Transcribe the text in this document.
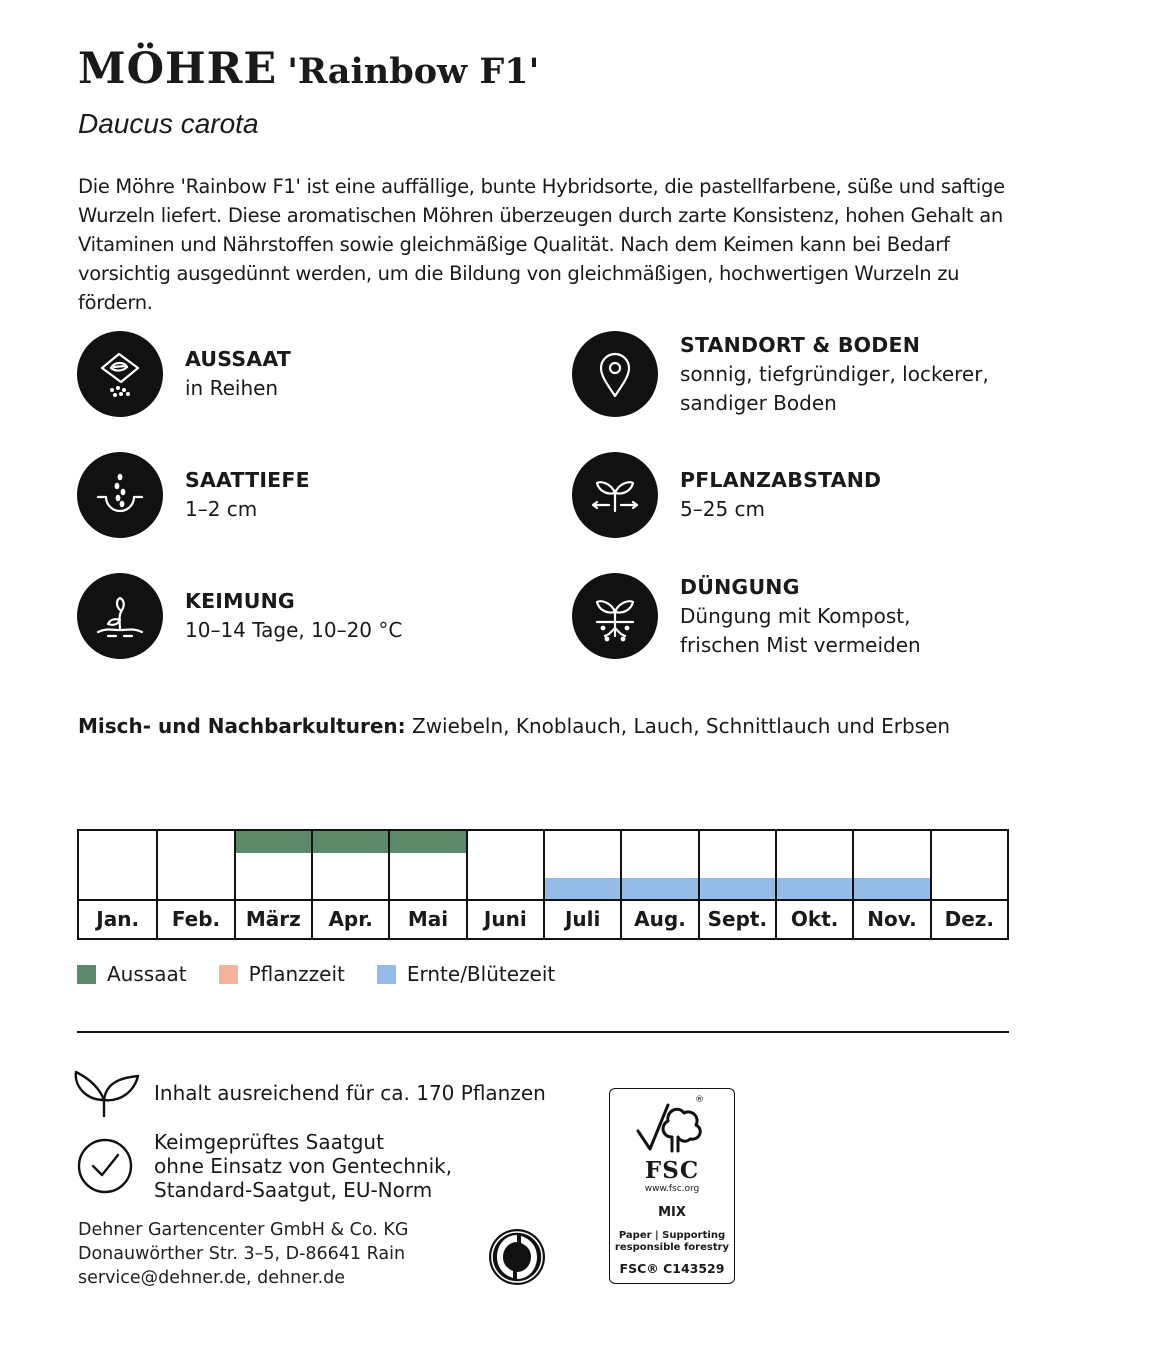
MÖHRE 'Rainbow F1'
Daucus carota
Die Möhre 'Rainbow F1' ist eine auffällige, bunte Hybridsorte, die pastellfarbene, süße und saftige Wurzeln liefert. Diese aromatischen Möhren überzeugen durch zarte Konsistenz, hohen Gehalt an Vitaminen und Nährstoffen sowie gleichmäßige Qualität. Nach dem Keimen kann bei Bedarf vorsichtig ausgedünnt werden, um die Bildung von gleichmäßigen, hochwertigen Wurzeln zu fördern.
AUSSAAT
in Reihen
STANDORT & BODEN
sonnig, tiefgründiger, lockerer,
sandiger Boden
SAATTIEFE
1–2 cm
PFLANZABSTAND
5–25 cm
KEIMUNG
10–14 Tage, 10–20 °C
DÜNGUNG
Düngung mit Kompost,
frischen Mist vermeiden
Misch- und Nachbarkulturen: Zwiebeln, Knoblauch, Lauch, Schnittlauch und Erbsen
Jan.	Feb.	März	Apr.	Mai	Juni	Juli	Aug.	Sept.	Okt.	Nov.	Dez.
Aussaat	Pflanzzeit	Ernte/Blütezeit
Inhalt ausreichend für ca. 170 Pflanzen
Keimgeprüftes Saatgut
ohne Einsatz von Gentechnik,
Standard-Saatgut, EU-Norm
Dehner Gartencenter GmbH & Co. KG
Donauwörther Str. 3–5, D-86641 Rain
service@dehner.de, dehner.de
®
FSC
www.fsc.org
MIX
Paper | Supporting
responsible forestry
FSC® C143529
